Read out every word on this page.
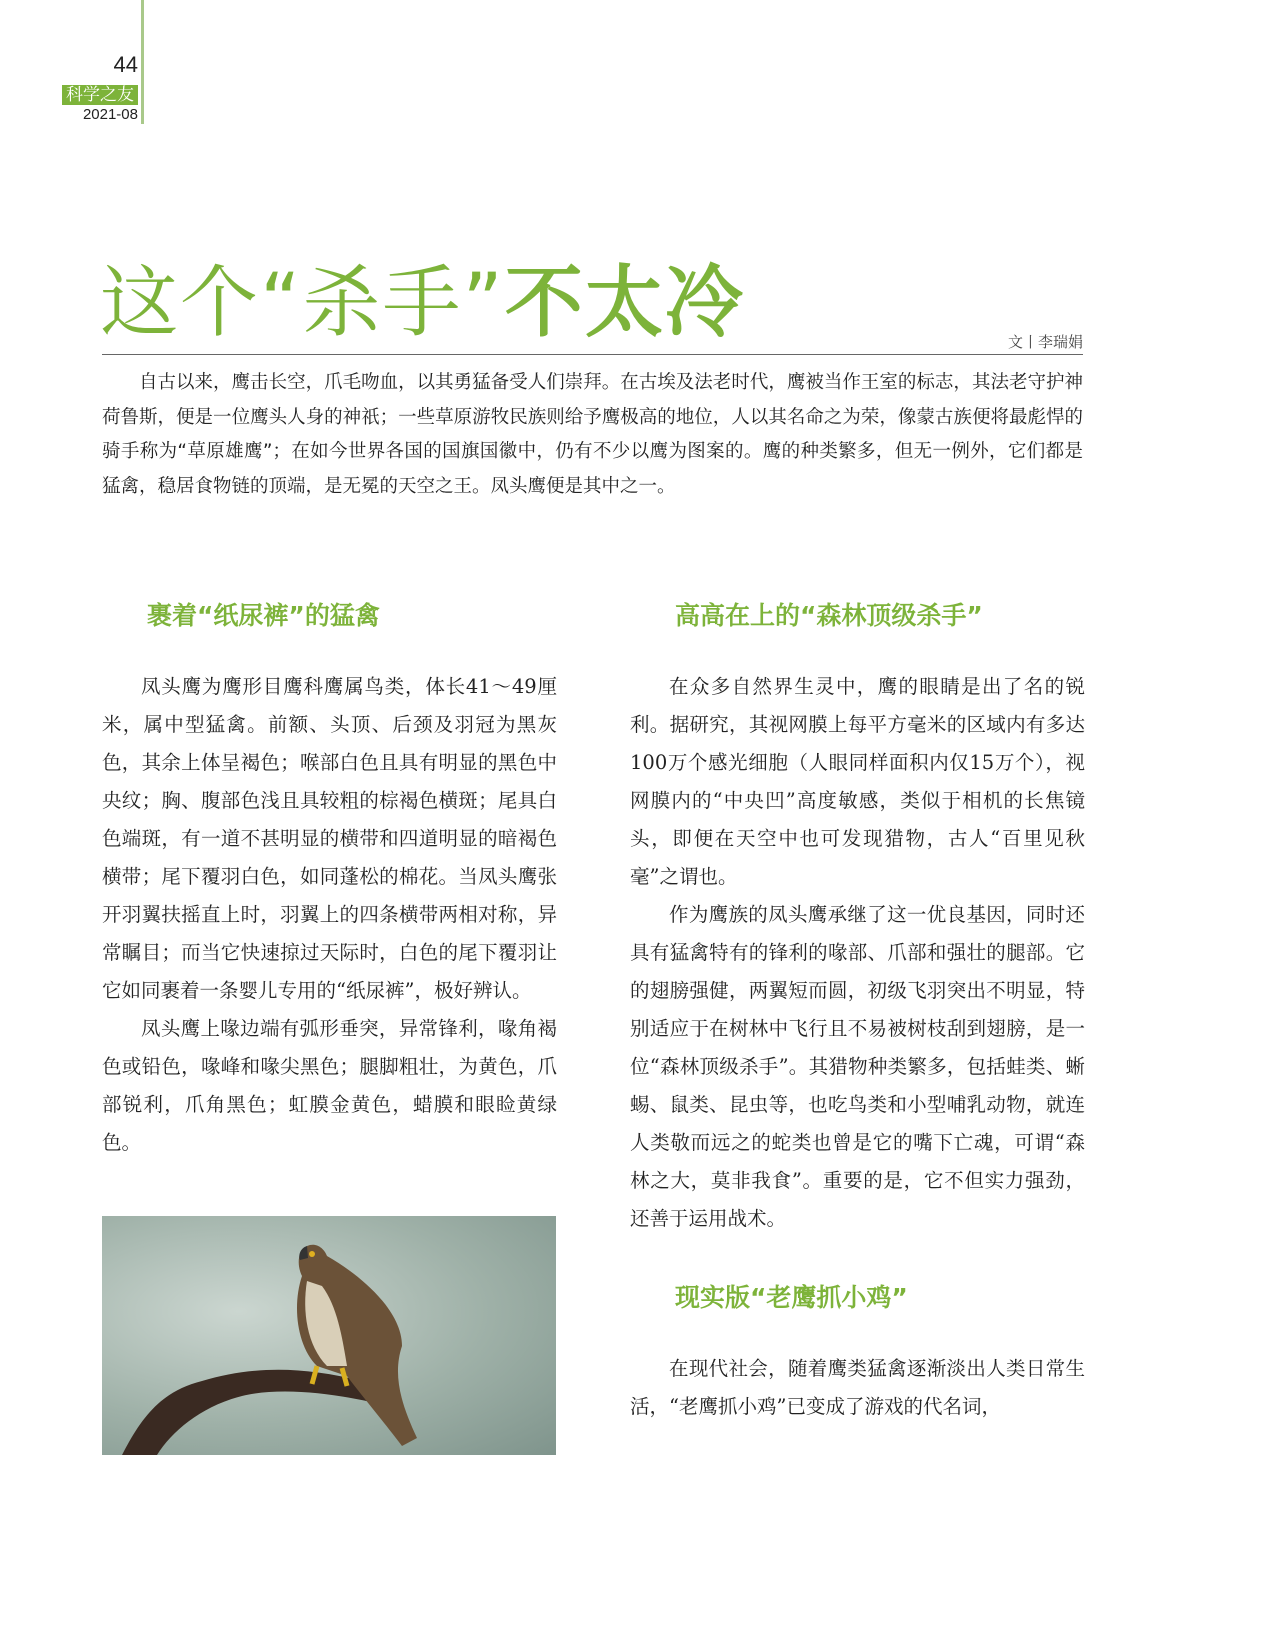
44
科学之友
2021-08
这个“杀手”不太冷	文丨李瑞娟

自古以来，鹰击长空，爪毛吻血，以其勇猛备受人们崇拜。在古埃及法老时代，鹰被当作王室的标志，其法老守护神荷鲁斯，便是一位鹰头人身的神祇；一些草原游牧民族则给予鹰极高的地位，人以其名命之为荣，像蒙古族便将最彪悍的骑手称为“草原雄鹰”；在如今世界各国的国旗国徽中，仍有不少以鹰为图案的。鹰的种类繁多，但无一例外，它们都是猛禽，稳居食物链的顶端，是无冕的天空之王。凤头鹰便是其中之一。

裹着“纸尿裤”的猛禽

凤头鹰为鹰形目鹰科鹰属鸟类，体长41～49厘米，属中型猛禽。前额、头顶、后颈及羽冠为黑灰色，其余上体呈褐色；喉部白色且具有明显的黑色中央纹；胸、腹部色浅且具较粗的棕褐色横斑；尾具白色端斑，有一道不甚明显的横带和四道明显的暗褐色横带；尾下覆羽白色，如同蓬松的棉花。当凤头鹰张开羽翼扶摇直上时，羽翼上的四条横带两相对称，异常瞩目；而当它快速掠过天际时，白色的尾下覆羽让它如同裹着一条婴儿专用的“纸尿裤”，极好辨认。

凤头鹰上喙边端有弧形垂突，异常锋利，喙角褐色或铅色，喙峰和喙尖黑色；腿脚粗壮，为黄色，爪部锐利，爪角黑色；虹膜金黄色，蜡膜和眼睑黄绿色。

高高在上的“森林顶级杀手”

在众多自然界生灵中，鹰的眼睛是出了名的锐利。据研究，其视网膜上每平方毫米的区域内有多达100万个感光细胞（人眼同样面积内仅15万个），视网膜内的“中央凹”高度敏感，类似于相机的长焦镜头，即便在天空中也可发现猎物，古人“百里见秋毫”之谓也。

作为鹰族的凤头鹰承继了这一优良基因，同时还具有猛禽特有的锋利的喙部、爪部和强壮的腿部。它的翅膀强健，两翼短而圆，初级飞羽突出不明显，特别适应于在树林中飞行且不易被树枝刮到翅膀，是一位“森林顶级杀手”。其猎物种类繁多，包括蛙类、蜥蜴、鼠类、昆虫等，也吃鸟类和小型哺乳动物，就连人类敬而远之的蛇类也曾是它的嘴下亡魂，可谓“森林之大，莫非我食”。重要的是，它不但实力强劲，还善于运用战术。

现实版“老鹰抓小鸡”

在现代社会，随着鹰类猛禽逐渐淡出人类日常生活，“老鹰抓小鸡”已变成了游戏的代名词，
